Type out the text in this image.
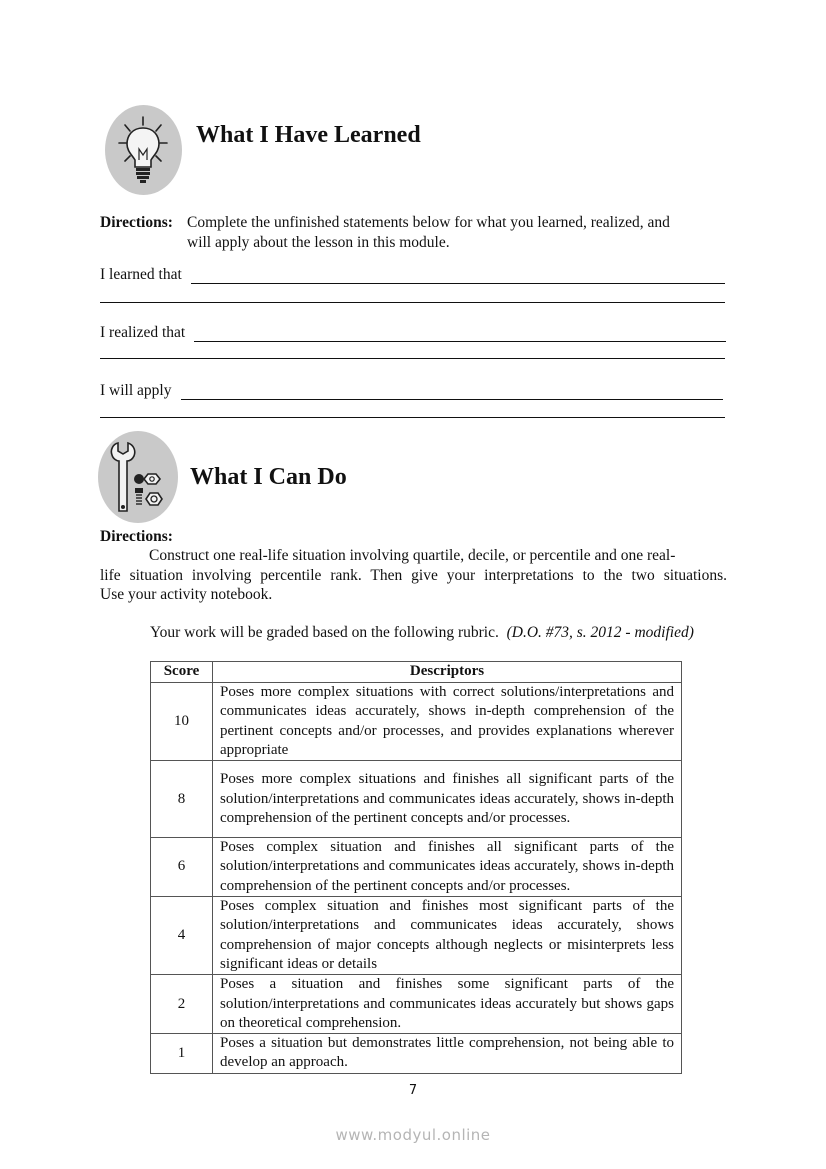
What I Have Learned
Directions: Complete the unfinished statements below for what you learned, realized, and
will apply about the lesson in this module.
I learned that
I realized that
I will apply
What I Can Do
Directions:
Construct one real-life situation involving quartile, decile, or percentile and one real-
life situation involving percentile rank. Then give your interpretations to the two situations.
Use your activity notebook.
Your work will be graded based on the following rubric. (D.O. #73, s. 2012 - modified)
Score	Descriptors
10	Poses more complex situations with correct solutions/interpretations and communicates ideas accurately, shows in-depth comprehension of the pertinent concepts and/or processes, and provides explanations wherever appropriate
8	Poses more complex situations and finishes all significant parts of the solution/interpretations and communicates ideas accurately, shows in-depth comprehension of the pertinent concepts and/or processes.
6	Poses complex situation and finishes all significant parts of the solution/interpretations and communicates ideas accurately, shows in-depth comprehension of the pertinent concepts and/or processes.
4	Poses complex situation and finishes most significant parts of the solution/interpretations and communicates ideas accurately, shows comprehension of major concepts although neglects or misinterprets less significant ideas or details
2	Poses a situation and finishes some significant parts of the solution/interpretations and communicates ideas accurately but shows gaps on theoretical comprehension.
1	Poses a situation but demonstrates little comprehension, not being able to develop an approach.
7
www.modyul.online
